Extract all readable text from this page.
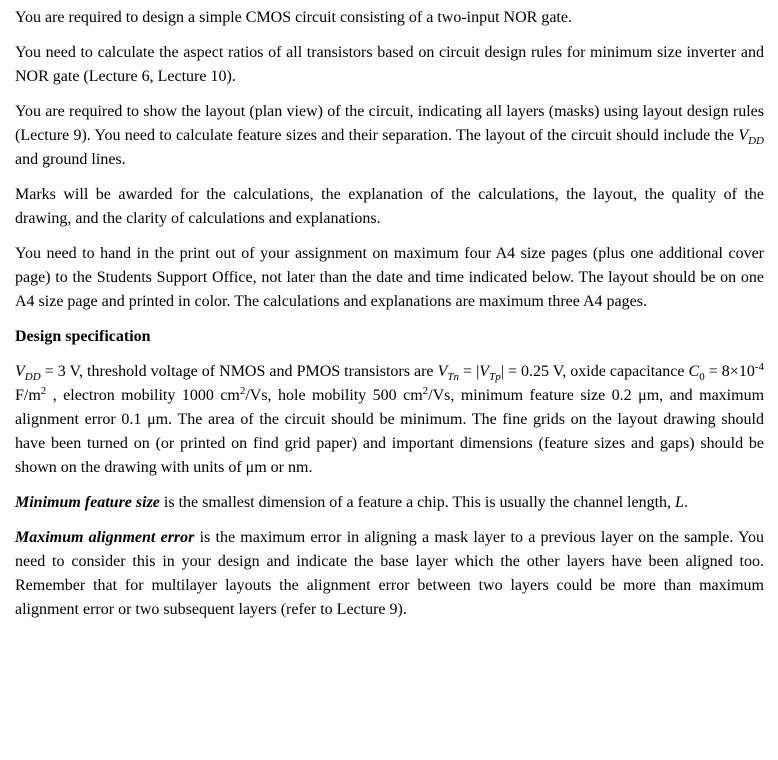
You are required to design a simple CMOS circuit consisting of a two-input NOR gate.

You need to calculate the aspect ratios of all transistors based on circuit design rules for minimum size inverter and NOR gate (Lecture 6, Lecture 10).

You are required to show the layout (plan view) of the circuit, indicating all layers (masks) using layout design rules (Lecture 9). You need to calculate feature sizes and their separation. The layout of the circuit should include the $V_{DD}$ and ground lines.

Marks will be awarded for the calculations, the explanation of the calculations, the layout, the quality of the drawing, and the clarity of calculations and explanations.

You need to hand in the print out of your assignment on maximum four A4 size pages (plus one additional cover page) to the Students Support Office, not later than the date and time indicated below. The layout should be on one A4 size page and printed in color. The calculations and explanations are maximum three A4 pages.

Design specification

$V_{DD} = 3$ V, threshold voltage of NMOS and PMOS transistors are $V_{Tn} = |V_{Tp}| = 0.25$ V, oxide capacitance $C_0 = 8\times 10^{-4}$ $F/m^2$ , electron mobility 1000 $cm^2/Vs$, hole mobility 500 $cm^2/Vs$, minimum feature size 0.2 μm, and maximum alignment error 0.1 μm. The area of the circuit should be minimum. The fine grids on the layout drawing should have been turned on (or printed on find grid paper) and important dimensions (feature sizes and gaps) should be shown on the drawing with units of μm or nm.

Minimum feature size is the smallest dimension of a feature a chip. This is usually the channel length, L.

Maximum alignment error is the maximum error in aligning a mask layer to a previous layer on the sample. You need to consider this in your design and indicate the base layer which the other layers have been aligned too. Remember that for multilayer layouts the alignment error between two layers could be more than maximum alignment error or two subsequent layers (refer to Lecture 9).
